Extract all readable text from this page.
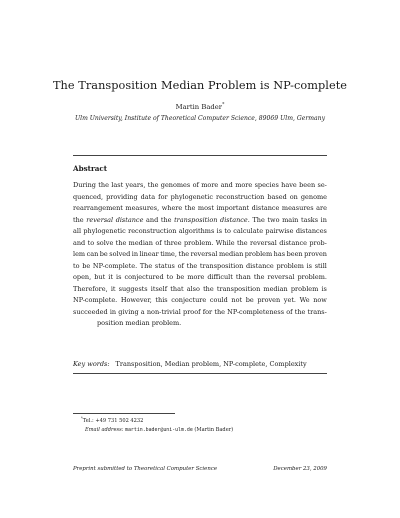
The Transposition Median Problem is NP-complete
Martin Bader*
Ulm University, Institute of Theoretical Computer Science, 89069 Ulm, Germany
Abstract
During the last years, the genomes of more and more species have been se-
quenced, providing data for phylogenetic reconstruction based on genome
rearrangement measures, where the most important distance measures are
the reversal distance and the transposition distance. The two main tasks in
all phylogenetic reconstruction algorithms is to calculate pairwise distances
and to solve the median of three problem. While the reversal distance prob-
lem can be solved in linear time, the reversal median problem has been proven
to be NP-complete. The status of the transposition distance problem is still
open, but it is conjectured to be more difficult than the reversal problem.
Therefore, it suggests itself that also the transposition median problem is
NP-complete. However, this conjecture could not be proven yet. We now
succeeded in giving a non-trivial proof for the NP-completeness of the trans-
position median problem.
Key words: Transposition, Median problem, NP-complete, Complexity
*Tel.: +49 731 502 4232
Email address: martin.bader@uni-ulm.de (Martin Bader)
Preprint submitted to Theoretical Computer Science	December 23, 2009
